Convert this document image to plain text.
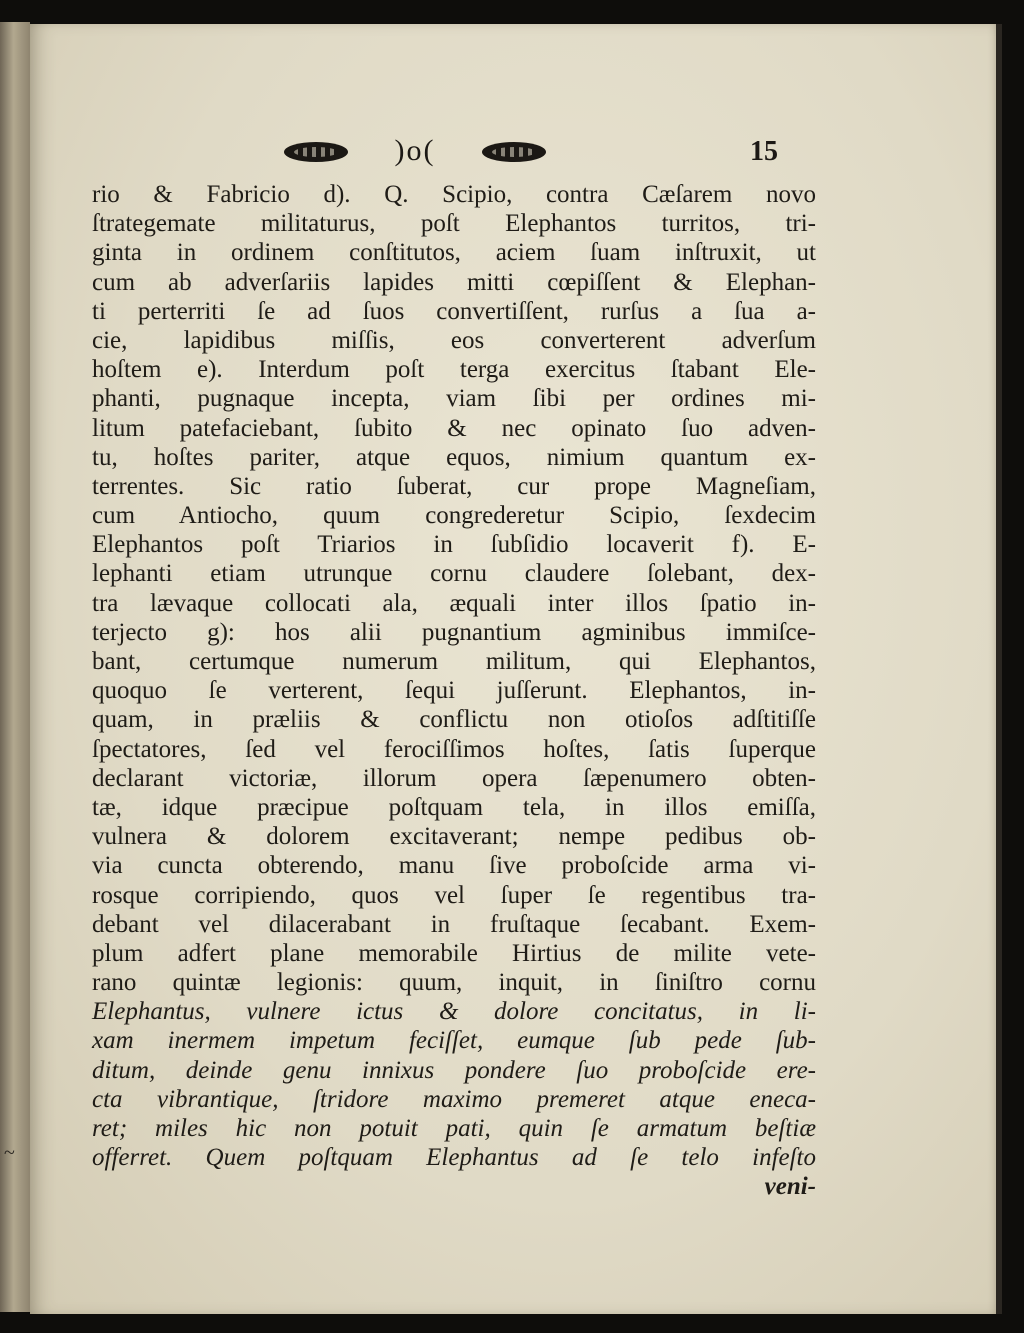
)o(	15
rio & Fabricio d). Q. Scipio, contra Cæſarem novo
ſtrategemate militaturus, poſt Elephantos turritos, tri-
ginta in ordinem conſtitutos, aciem ſuam inſtruxit, ut
cum ab adverſariis lapides mitti cœpiſſent & Elephan-
ti perterriti ſe ad ſuos convertiſſent, rurſus a ſua a-
cie, lapidibus miſſis, eos converterent adverſum
hoſtem e). Interdum poſt terga exercitus ſtabant Ele-
phanti, pugnaque incepta, viam ſibi per ordines mi-
litum patefaciebant, ſubito & nec opinato ſuo adven-
tu, hoſtes pariter, atque equos, nimium quantum ex-
terrentes. Sic ratio ſuberat, cur prope Magneſiam,
cum Antiocho, quum congrederetur Scipio, ſexdecim
Elephantos poſt Triarios in ſubſidio locaverit f). E-
lephanti etiam utrunque cornu claudere ſolebant, dex-
tra lævaque collocati ala, æquali inter illos ſpatio in-
terjecto g): hos alii pugnantium agminibus immiſce-
bant, certumque numerum militum, qui Elephantos,
quoquo ſe verterent, ſequi juſſerunt. Elephantos, in-
quam, in præliis & conflictu non otioſos adſtitiſſe
ſpectatores, ſed vel ferociſſimos hoſtes, ſatis ſuperque
declarant victoriæ, illorum opera ſæpenumero obten-
tæ, idque præcipue poſtquam tela, in illos emiſſa,
vulnera & dolorem excitaverant; nempe pedibus ob-
via cuncta obterendo, manu ſive proboſcide arma vi-
rosque corripiendo, quos vel ſuper ſe regentibus tra-
debant vel dilacerabant in fruſtaque ſecabant. Exem-
plum adfert plane memorabile Hirtius de milite vete-
rano quintæ legionis: quum, inquit, in ſiniſtro cornu
Elephantus, vulnere ictus & dolore concitatus, in li-
xam inermem impetum feciſſet, eumque ſub pede ſub-
ditum, deinde genu innixus pondere ſuo proboſcide ere-
cta vibrantique, ſtridore maximo premeret atque eneca-
ret; miles hic non potuit pati, quin ſe armatum beſtiæ
offerret. Quem poſtquam Elephantus ad ſe telo infeſto
veni-
~
